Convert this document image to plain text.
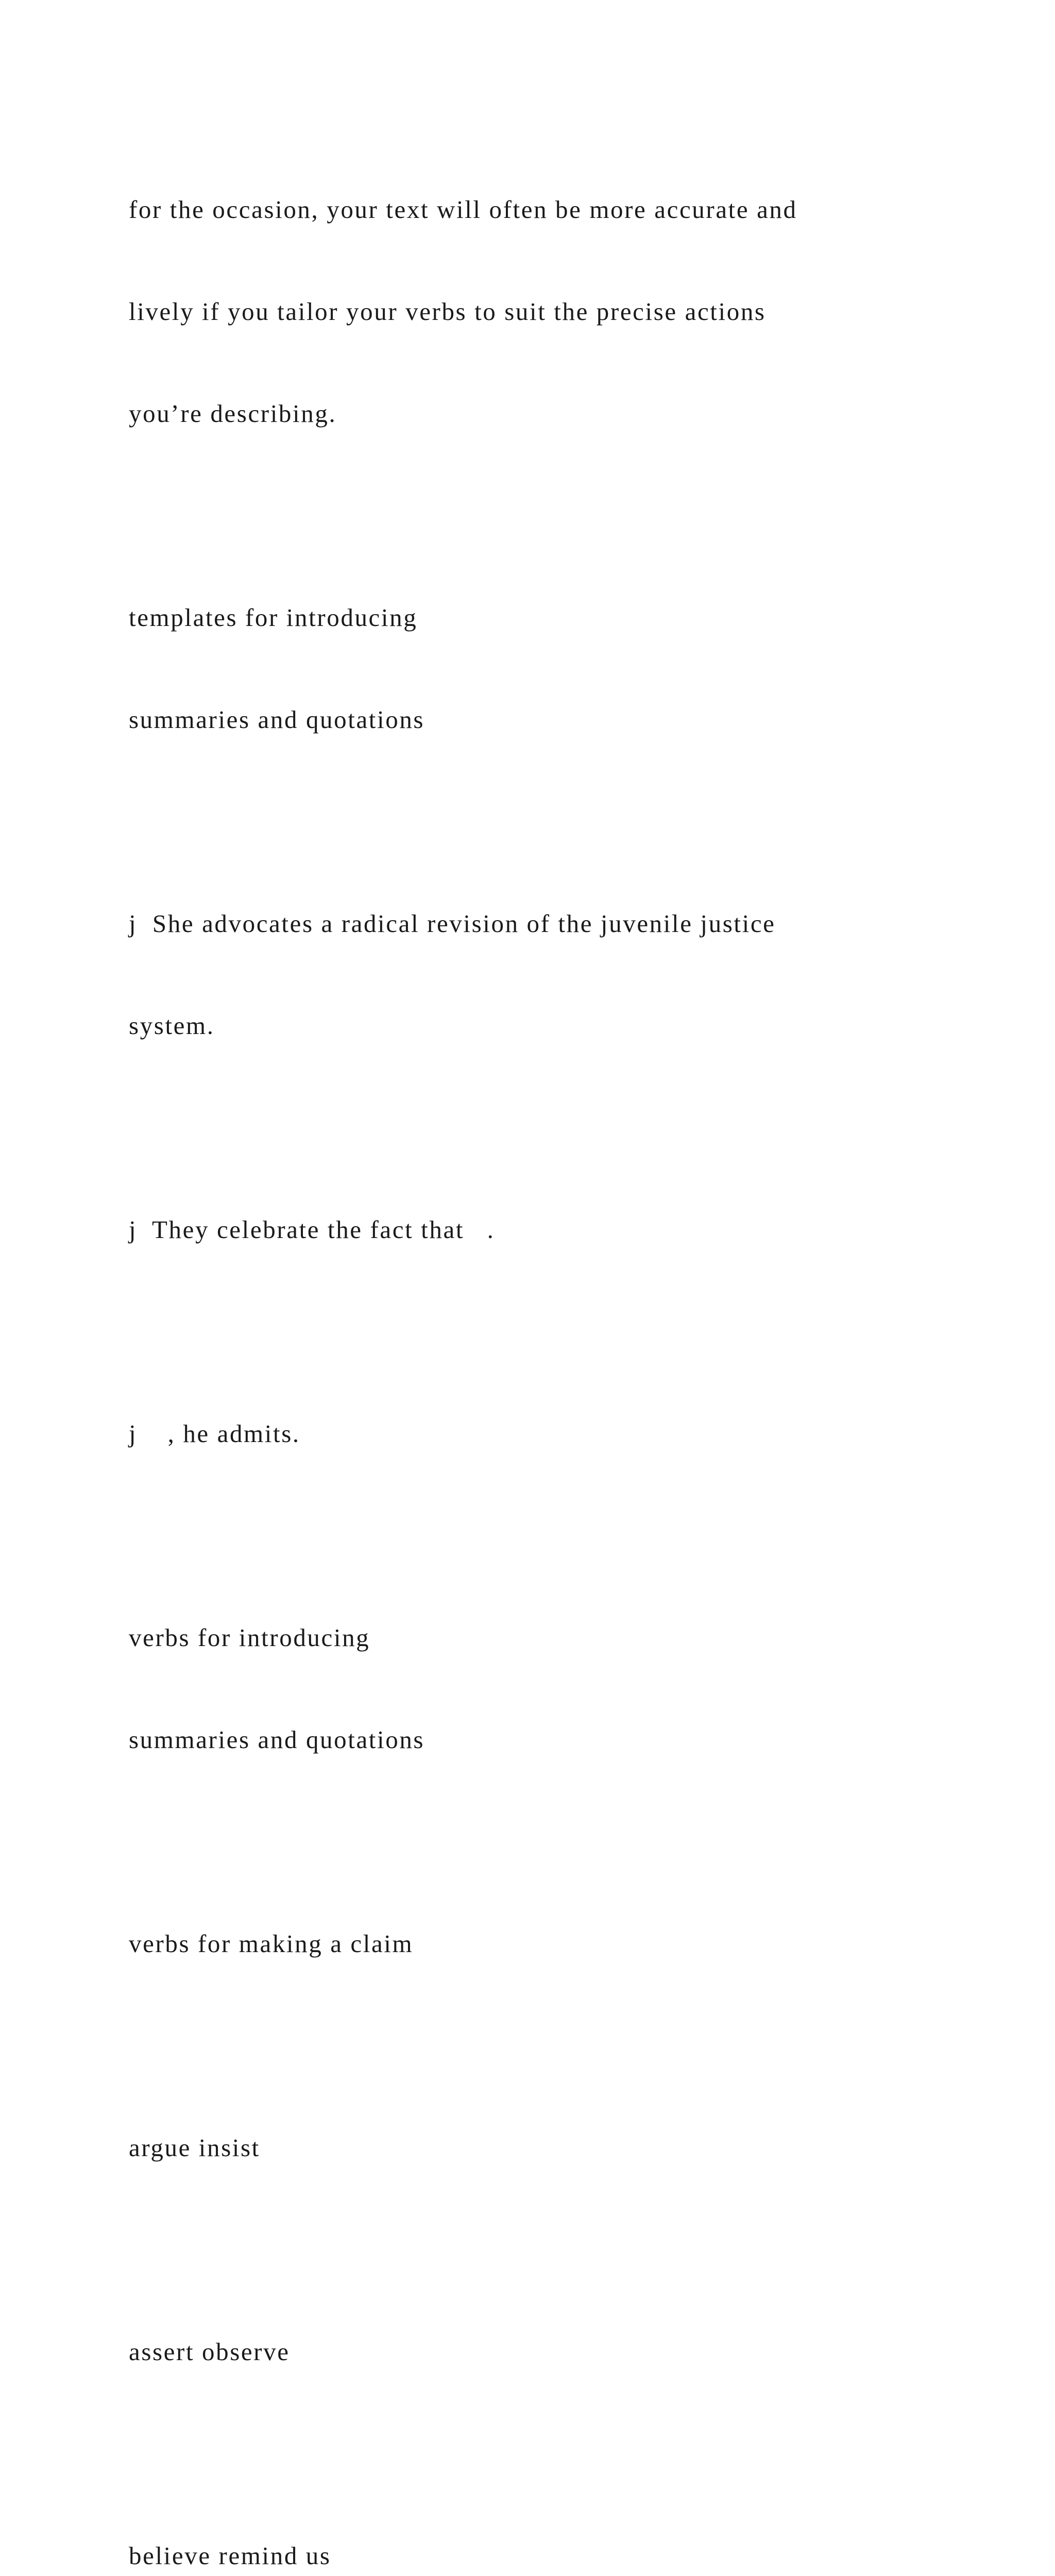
for the occasion, your text will often be more accurate and

lively if you tailor your verbs to suit the precise actions

you’re describing.

templates for introducing

summaries and quotations

j  She advocates a radical revision of the juvenile justice

system.

j  They celebrate the fact that   .

j    , he admits.

verbs for introducing

summaries and quotations

verbs for making a claim

argue insist

assert observe

believe remind us
